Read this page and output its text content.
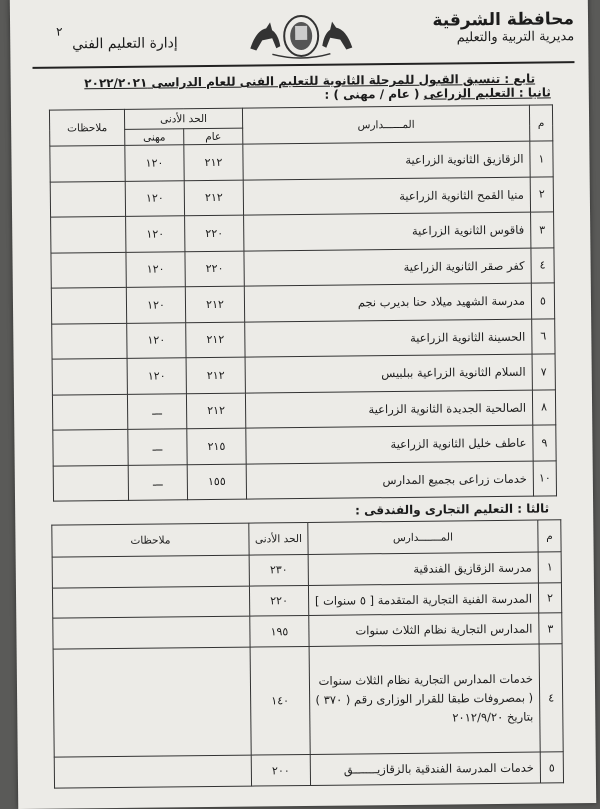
٢
محافظة الشرقية
مديرية التربية والتعليم
إدارة التعليم الفني
تابع : تنسيق القبول للمرحلة الثانوية للتعليم الفنى للعام الدراسى ٢٠٢٢/٢٠٢١
ثانيا : التعليم الزراعى ( عام / مهنى ) :
م	المــــــدارس	الحد الأدنى		ملاحظات
		عام	مهنى	
١	الزقازيق الثانوية الزراعية	٢١٢	١٢٠	
٢	منيا القمح الثانوية الزراعية	٢١٢	١٢٠	
٣	فاقوس الثانوية الزراعية	٢٢٠	١٢٠	
٤	كفر صقر الثانوية الزراعية	٢٢٠	١٢٠	
٥	مدرسة الشهيد ميلاد حنا بديرب نجم	٢١٢	١٢٠	
٦	الحسينة الثانوية الزراعية	٢١٢	١٢٠	
٧	السلام الثانوية الزراعية ببلبيس	٢١٢	١٢٠	
٨	الصالحية الجديدة الثانوية الزراعية	٢١٢	ـــ	
٩	عاطف خليل الثانوية الزراعية	٢١٥	ـــ	
١٠	خدمات زراعى بجميع المدارس	١٥٥	ـــ	
ثالثا : التعليم التجارى والفندقى :
م	المـــــــدارس	الحد الأدنى	ملاحظات
١	مدرسة الزقازيق الفندقية	٢٣٠	
٢	المدرسة الفنية التجارية المتقدمة [ ٥ سنوات ]	٢٢٠	
٣	المدارس التجارية نظام الثلاث سنوات	١٩٥	
٤	خدمات المدارس التجارية نظام الثلاث سنوات ( بمصروفات طبقا للقرار الوزارى رقم ( ٣٧٠ ) بتاريخ ٢٠١٢/٩/٢٠	١٤٠	
٥	خدمات المدرسة الفندقية بالزقازيـــــــق	٢٠٠	
